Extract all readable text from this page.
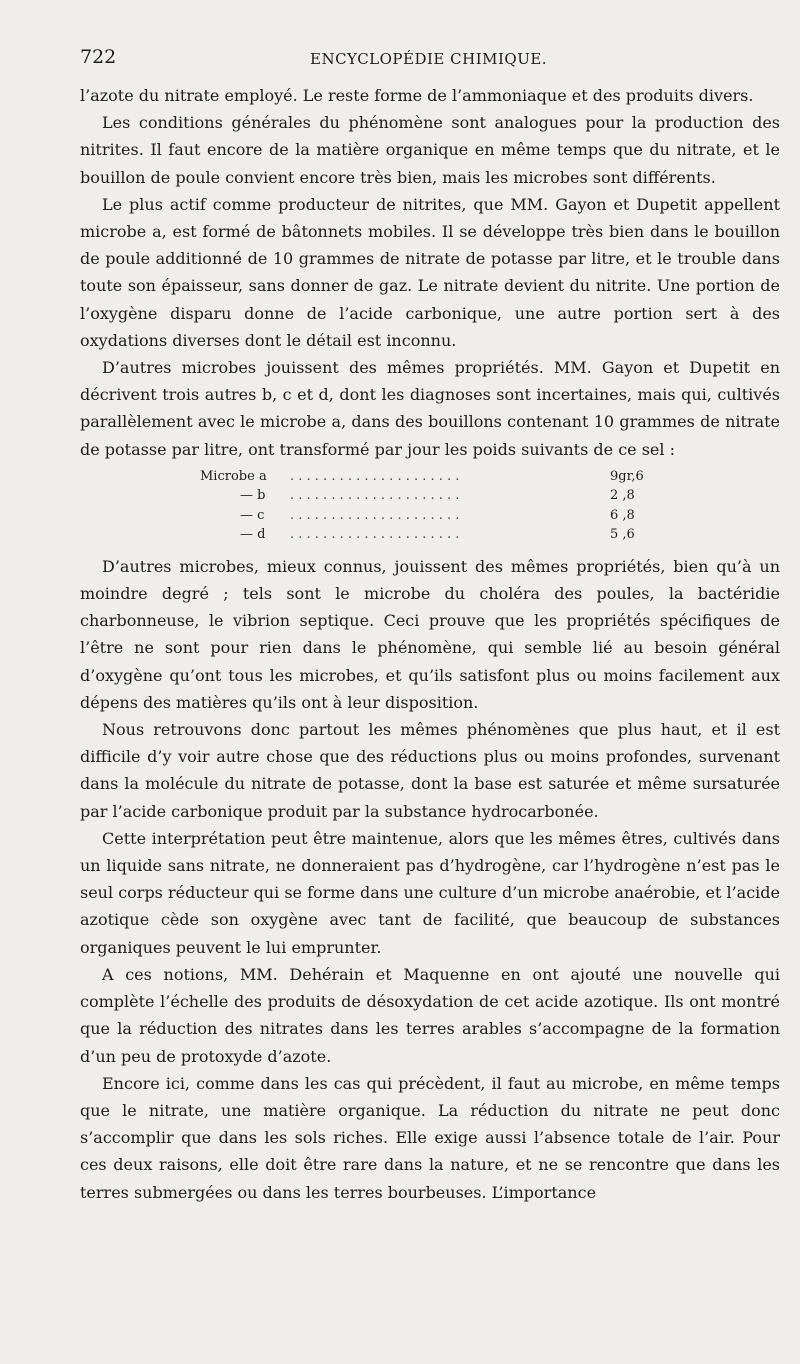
722	ENCYCLOPÉDIE CHIMIQUE.

l’azote du nitrate employé. Le reste forme de l’ammoniaque et des produits divers.

Les conditions générales du phénomène sont analogues pour la production des nitrites. Il faut encore de la matière organique en même temps que du nitrate, et le bouillon de poule convient encore très bien, mais les microbes sont différents.

Le plus actif comme producteur de nitrites, que MM. Gayon et Dupetit appellent microbe a, est formé de bâtonnets mobiles. Il se développe très bien dans le bouillon de poule additionné de 10 grammes de nitrate de potasse par litre, et le trouble dans toute son épaisseur, sans donner de gaz. Le nitrate devient du nitrite. Une portion de l’oxygène disparu donne de l’acide carbonique, une autre portion sert à des oxydations diverses dont le détail est inconnu.

D’autres microbes jouissent des mêmes propriétés. MM. Gayon et Dupetit en décrivent trois autres b, c et d, dont les diagnoses sont incertaines, mais qui, cultivés parallèlement avec le microbe a, dans des bouillons contenant 10 grammes de nitrate de potasse par litre, ont transformé par jour les poids suivants de ce sel :

Microbe a . . . . . . . . . . . . . . . . . . . . .	9gr,6
— b . . . . . . . . . . . . . . . . . . . . .	2 ,8
— c . . . . . . . . . . . . . . . . . . . . .	6 ,8
— d . . . . . . . . . . . . . . . . . . . . .	5 ,6

D’autres microbes, mieux connus, jouissent des mêmes propriétés, bien qu’à un moindre degré ; tels sont le microbe du choléra des poules, la bactéridie charbonneuse, le vibrion septique. Ceci prouve que les propriétés spécifiques de l’être ne sont pour rien dans le phénomène, qui semble lié au besoin général d’oxygène qu’ont tous les microbes, et qu’ils satisfont plus ou moins facilement aux dépens des matières qu’ils ont à leur disposition.

Nous retrouvons donc partout les mêmes phénomènes que plus haut, et il est difficile d’y voir autre chose que des réductions plus ou moins profondes, survenant dans la molécule du nitrate de potasse, dont la base est saturée et même sursaturée par l’acide carbonique produit par la substance hydrocarbonée.

Cette interprétation peut être maintenue, alors que les mêmes êtres, cultivés dans un liquide sans nitrate, ne donneraient pas d’hydrogène, car l’hydrogène n’est pas le seul corps réducteur qui se forme dans une culture d’un microbe anaérobie, et l’acide azotique cède son oxygène avec tant de facilité, que beaucoup de substances organiques peuvent le lui emprunter.

A ces notions, MM. Dehérain et Maquenne en ont ajouté une nouvelle qui complète l’échelle des produits de désoxydation de cet acide azotique. Ils ont montré que la réduction des nitrates dans les terres arables s’accompagne de la formation d’un peu de protoxyde d’azote.

Encore ici, comme dans les cas qui précèdent, il faut au microbe, en même temps que le nitrate, une matière organique. La réduction du nitrate ne peut donc s’accomplir que dans les sols riches. Elle exige aussi l’absence totale de l’air. Pour ces deux raisons, elle doit être rare dans la nature, et ne se rencontre que dans les terres submergées ou dans les terres bourbeuses. L’importance
